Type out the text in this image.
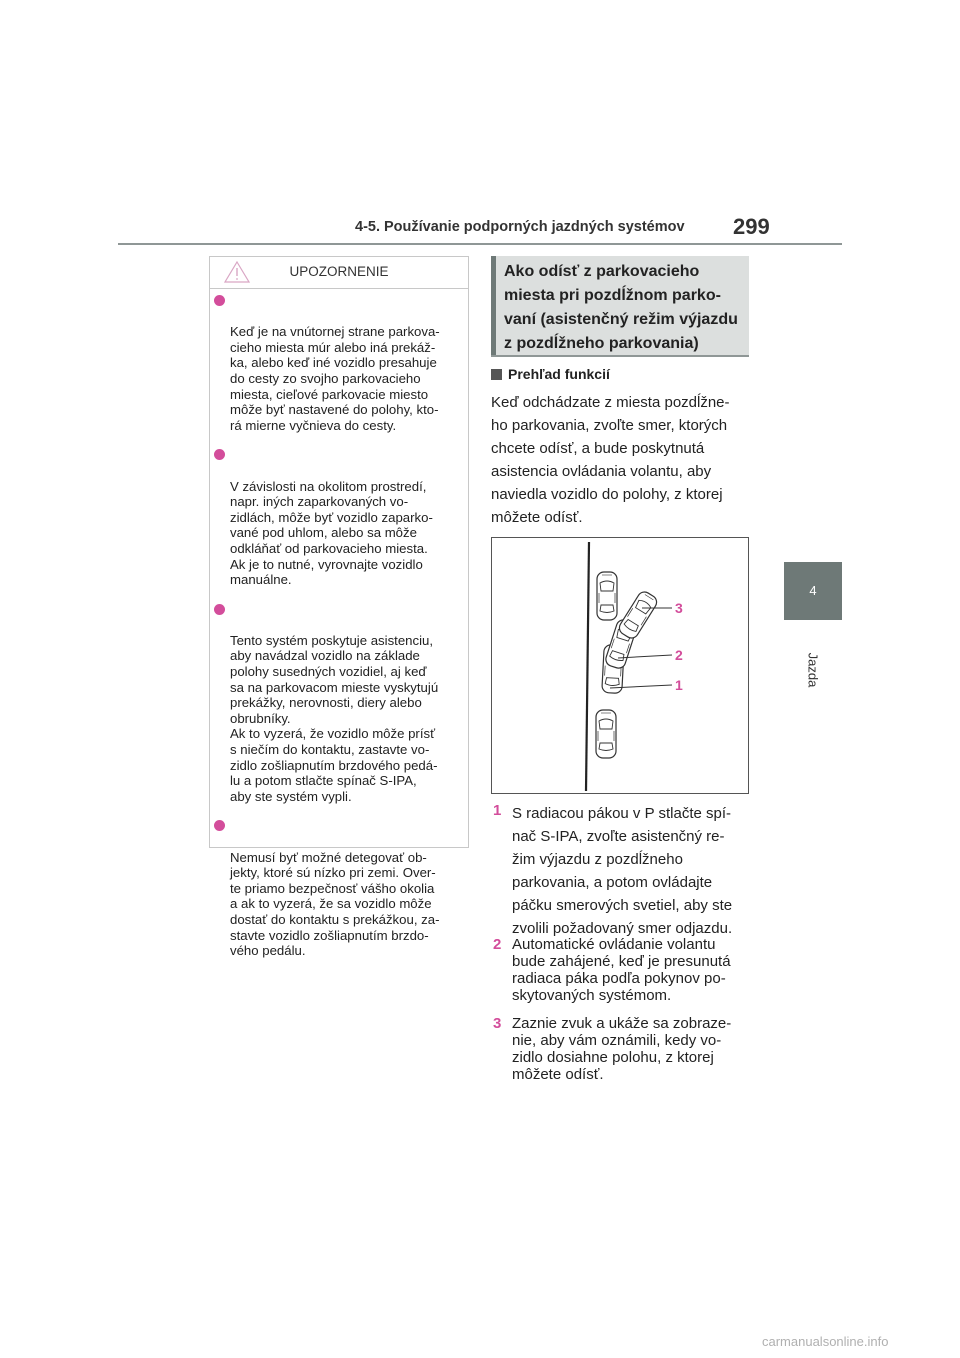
4-5. Používanie podporných jazdných systémov 299
4
Jazda
UPOZORNENIE

Keď je na vnútornej strane parkova-
cieho miesta múr alebo iná prekáž-
ka, alebo keď iné vozidlo presahuje
do cesty zo svojho parkovacieho
miesta, cieľové parkovacie miesto
môže byť nastavené do polohy, kto-
rá mierne vyčnieva do cesty.

V závislosti na okolitom prostredí,
napr. iných zaparkovaných vo-
zidlách, môže byť vozidlo zaparko-
vané pod uhlom, alebo sa môže
odkláňať od parkovacieho miesta.
Ak je to nutné, vyrovnajte vozidlo
manuálne.

Tento systém poskytuje asistenciu,
aby navádzal vozidlo na základe
polohy susedných vozidiel, aj keď
sa na parkovacom mieste vyskytujú
prekážky, nerovnosti, diery alebo
obrubníky.
Ak to vyzerá, že vozidlo môže prísť
s niečím do kontaktu, zastavte vo-
zidlo zošliapnutím brzdového pedá-
lu a potom stlačte spínač S-IPA,
aby ste systém vypli.

Nemusí byť možné detegovať ob-
jekty, ktoré sú nízko pri zemi. Over-
te priamo bezpečnosť vášho okolia
a ak to vyzerá, že sa vozidlo môže
dostať do kontaktu s prekážkou, za-
stavte vozidlo zošliapnutím brzdo-
vého pedálu.

Ako odísť z parkovacieho
miesta pri pozdĺžnom parko-
vaní (asistenčný režim výjazdu
z pozdĺžneho parkovania)
Prehľad funkcií
Keď odchádzate z miesta pozdĺžne-
ho parkovania, zvoľte smer, ktorých
chcete odísť, a bude poskytnutá
asistencia ovládania volantu, aby
naviedla vozidlo do polohy, z ktorej
môžete odísť.
3
2
1
1 S radiacou pákou v P stlačte spí-
nač S-IPA, zvoľte asistenčný re-
žim výjazdu z pozdĺžneho
parkovania, a potom ovládajte
páčku smerových svetiel, aby ste
zvolili požadovaný smer odjazdu.
2 Automatické ovládanie volantu
bude zahájené, keď je presunutá
radiaca páka podľa pokynov po-
skytovaných systémom.
3 Zaznie zvuk a ukáže sa zobraze-
nie, aby vám oznámili, kedy vo-
zidlo dosiahne polohu, z ktorej
môžete odísť.
carmanualsonline.info
